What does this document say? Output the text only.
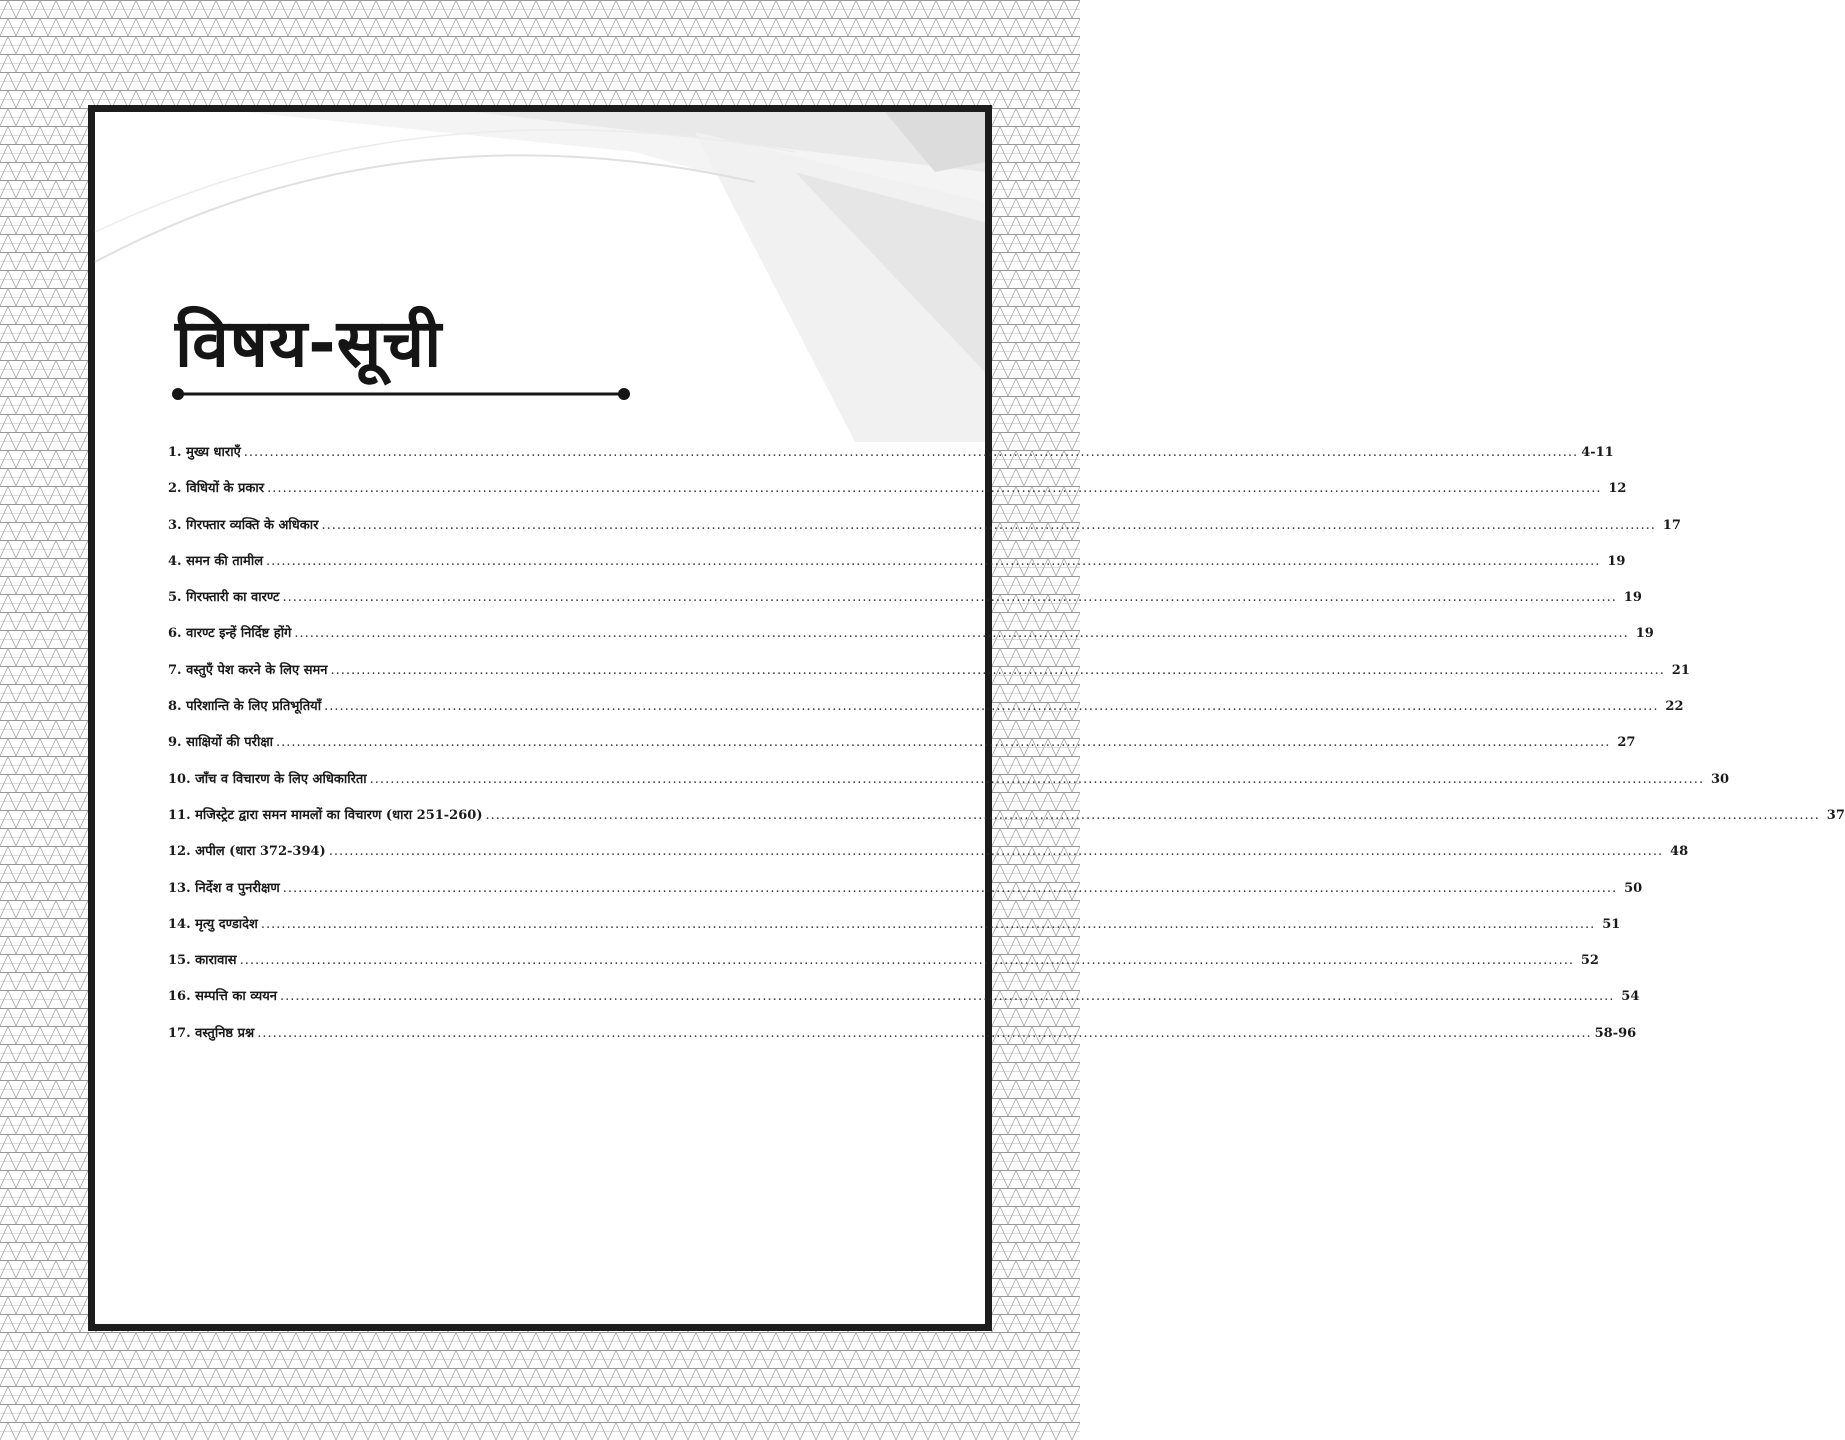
विषय-सूची
1. मुख्य धाराएँ .................................................................................................................................................................................................................................................................... 4-11
2. विधियों के प्रकार .................................................................................................................................................................................................................................................................... 12
3. गिरफ्तार व्यक्ति के अधिकार .................................................................................................................................................................................................................................................................... 17
4. समन की तामील .................................................................................................................................................................................................................................................................... 19
5. गिरफ्तारी का वारण्ट .................................................................................................................................................................................................................................................................... 19
6. वारण्ट इन्हें निर्दिष्ट होंगे .................................................................................................................................................................................................................................................................... 19
7. वस्तुएँ पेश करने के लिए समन .................................................................................................................................................................................................................................................................... 21
8. परिशान्ति के लिए प्रतिभूतियाँ .................................................................................................................................................................................................................................................................... 22
9. साक्षियों की परीक्षा .................................................................................................................................................................................................................................................................... 27
10. जाँच व विचारण के लिए अधिकारिता .................................................................................................................................................................................................................................................................... 30
11. मजिस्ट्रेट द्वारा समन मामलों का विचारण (धारा 251-260) .................................................................................................................................................................................................................................................................... 37
12. अपील (धारा 372-394) .................................................................................................................................................................................................................................................................... 48
13. निर्देश व पुनरीक्षण .................................................................................................................................................................................................................................................................... 50
14. मृत्यु दण्डादेश .................................................................................................................................................................................................................................................................... 51
15. कारावास .................................................................................................................................................................................................................................................................... 52
16. सम्पत्ति का व्ययन .................................................................................................................................................................................................................................................................... 54
17. वस्तुनिष्ठ प्रश्न .................................................................................................................................................................................................................................................................... 58-96
